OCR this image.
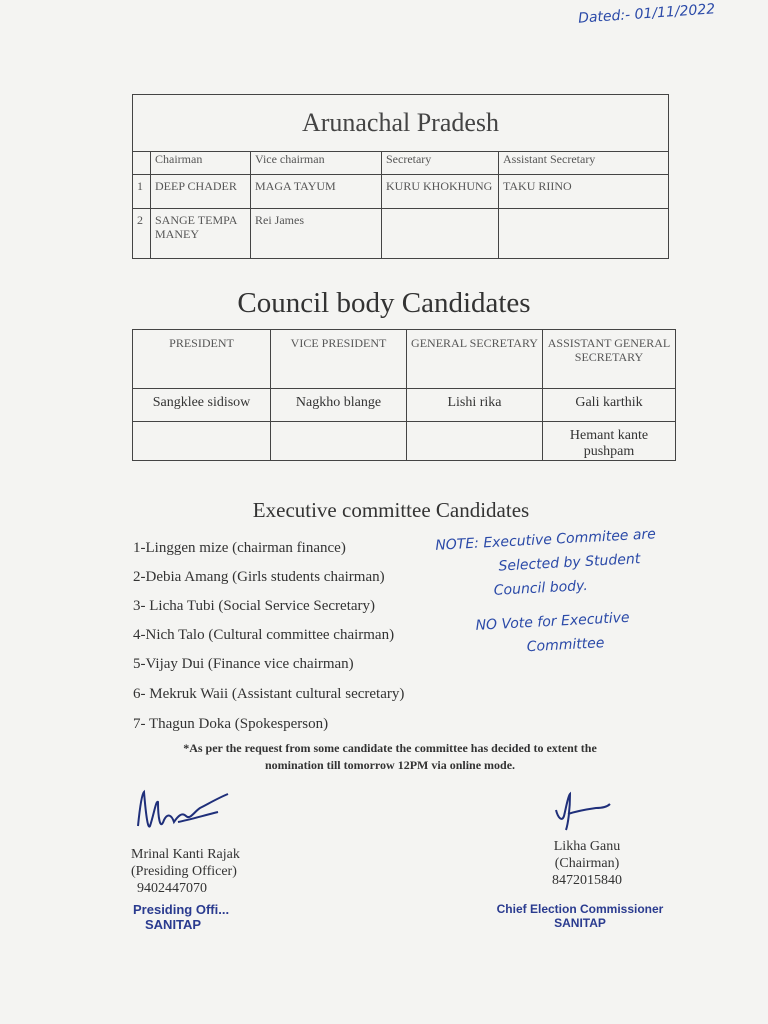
Dated:- 01/11/2022
Arunachal Pradesh				
	Chairman	Vice chairman	Secretary	Assistant Secretary
1	DEEP CHADER	MAGA TAYUM	KURU KHOKHUNG	TAKU RIINO
2	SANGE TEMPA MANEY	Rei James		
Council body Candidates
PRESIDENT	VICE PRESIDENT	GENERAL SECRETARY	ASSISTANT GENERAL SECRETARY
Sangklee sidisow	Nagkho blange	Lishi rika	Gali karthik
			Hemant kante pushpam
Executive committee Candidates
1-Linggen mize (chairman finance)
2-Debia Amang (Girls students chairman)
3- Licha Tubi (Social Service Secretary)
4-Nich Talo (Cultural committee chairman)
5-Vijay Dui (Finance vice chairman)
6- Mekruk Waii (Assistant cultural secretary)
7- Thagun Doka (Spokesperson)
NOTE: Executive Commitee are
Selected by Student
Council body.
NO Vote for Executive
Committee
*As per the request from some candidate the committee has decided to extent the
nomination till tomorrow 12PM via online mode.
Mrinal Kanti Rajak
(Presiding Officer)
9402447070
Presiding Offi...
SANITAP
Likha Ganu
(Chairman)
8472015840
Chief Election Commissioner
SANITAP
